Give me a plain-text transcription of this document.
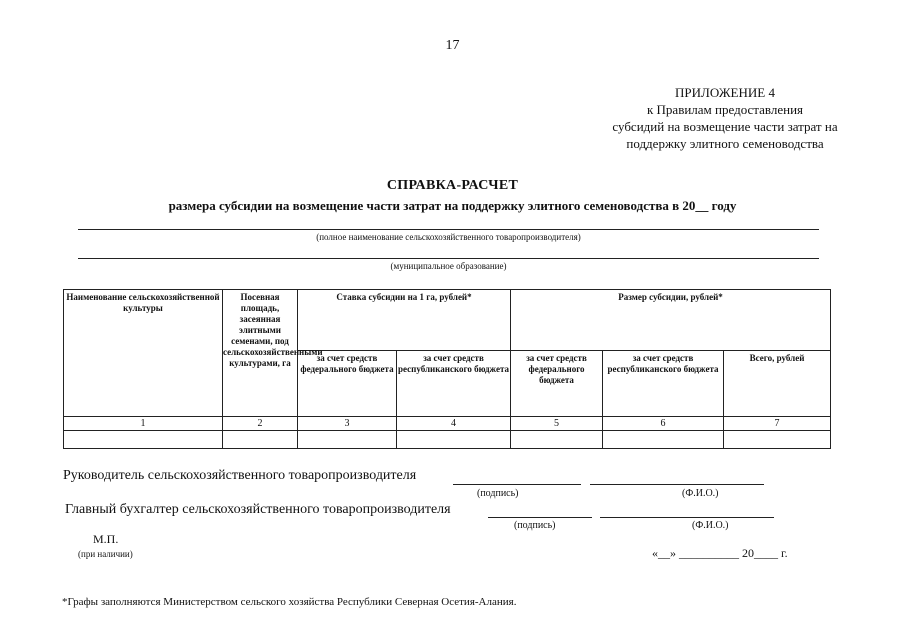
17
ПРИЛОЖЕНИЕ 4
к Правилам предоставления
субсидий на возмещение части затрат на
поддержку элитного семеноводства
СПРАВКА-РАСЧЕТ
размера субсидии на возмещение части затрат на поддержку элитного семеноводства в 20__ году
(полное наименование сельскохозяйственного товаропроизводителя)
(муниципальное образование)
Наименование сельскохозяйственной культуры	Посевная площадь, засеянная элитными семенами, под сельскохозяйственными культурами, га	Ставка субсидии на 1 га, рублей*		Размер субсидии, рублей*		
		за счет средств федерального бюджета	за счет средств республиканского бюджета	за счет средств федерального бюджета	за счет средств республиканского бюджета	Всего, рублей
1	2	3	4	5	6	7

Руководитель сельскохозяйственного товаропроизводителя
(подпись)	(Ф.И.О.)
Главный бухгалтер сельскохозяйственного товаропроизводителя
(подпись)	(Ф.И.О.)
М.П.
(при наличии)	«__» __________ 20____ г.
*Графы заполняются Министерством сельского хозяйства Республики Северная Осетия-Алания.
